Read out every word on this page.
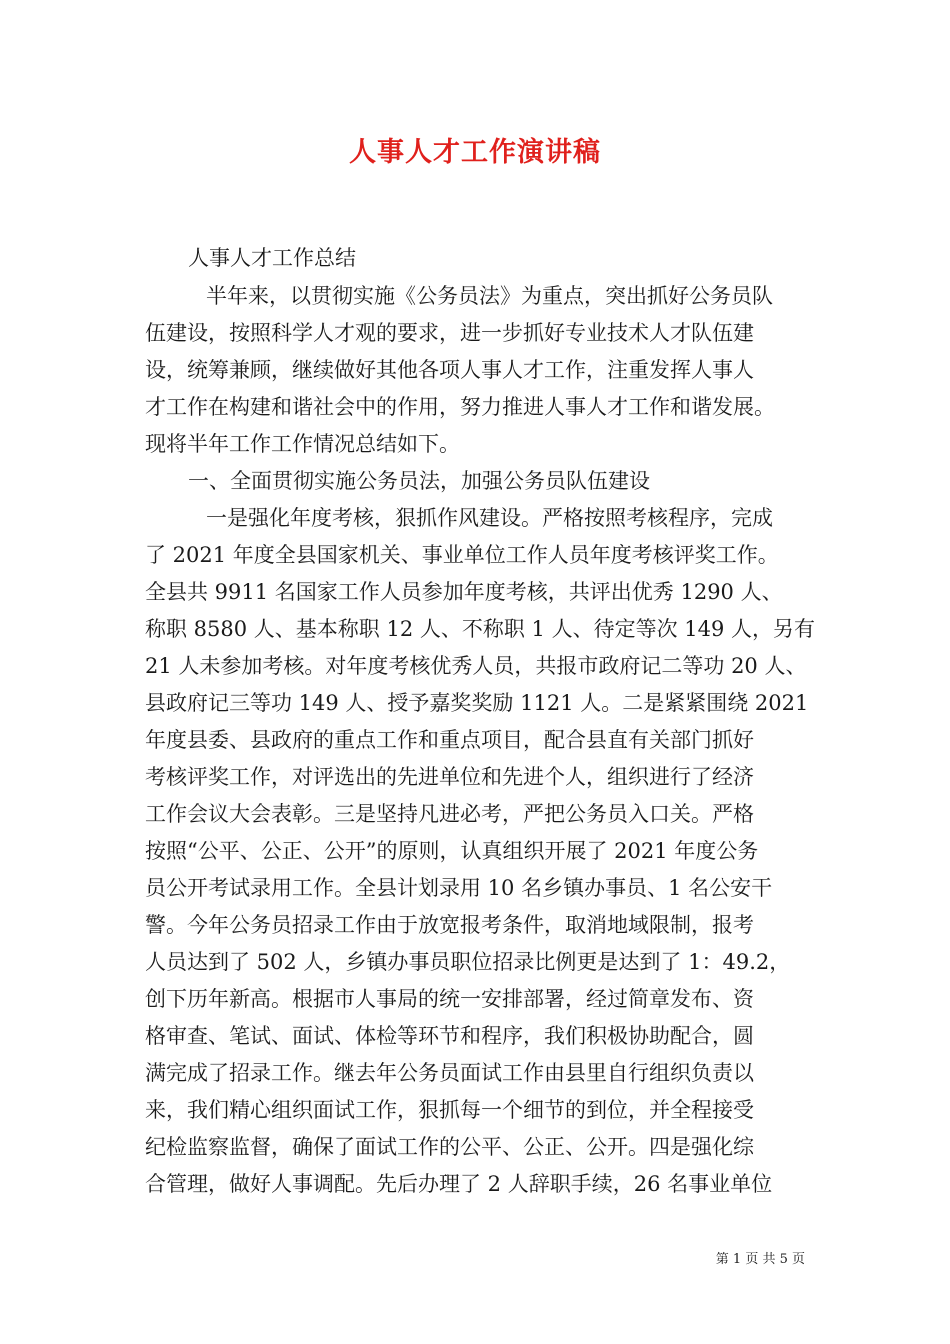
人事人才工作演讲稿
人事人才工作总结
半年来，以贯彻实施《公务员法》为重点，突出抓好公务员队
伍建设，按照科学人才观的要求，进一步抓好专业技术人才队伍建
设，统筹兼顾，继续做好其他各项人事人才工作，注重发挥人事人
才工作在构建和谐社会中的作用，努力推进人事人才工作和谐发展。
现将半年工作工作情况总结如下。
一、全面贯彻实施公务员法，加强公务员队伍建设
一是强化年度考核，狠抓作风建设。严格按照考核程序，完成
了 2021 年度全县国家机关、事业单位工作人员年度考核评奖工作。
全县共 9911 名国家工作人员参加年度考核，共评出优秀 1290 人、
称职 8580 人、基本称职 12 人、不称职 1 人、待定等次 149 人，另有
21 人未参加考核。对年度考核优秀人员，共报市政府记二等功 20 人、
县政府记三等功 149 人、授予嘉奖奖励 1121 人。二是紧紧围绕 2021
年度县委、县政府的重点工作和重点项目，配合县直有关部门抓好
考核评奖工作，对评选出的先进单位和先进个人，组织进行了经济
工作会议大会表彰。三是坚持凡进必考，严把公务员入口关。严格
按照“公平、公正、公开”的原则，认真组织开展了 2021 年度公务
员公开考试录用工作。全县计划录用 10 名乡镇办事员、1 名公安干
警。今年公务员招录工作由于放宽报考条件，取消地域限制，报考
人员达到了 502 人，乡镇办事员职位招录比例更是达到了 1：49.2，
创下历年新高。根据市人事局的统一安排部署，经过简章发布、资
格审查、笔试、面试、体检等环节和程序，我们积极协助配合，圆
满完成了招录工作。继去年公务员面试工作由县里自行组织负责以
来，我们精心组织面试工作，狠抓每一个细节的到位，并全程接受
纪检监察监督，确保了面试工作的公平、公正、公开。四是强化综
合管理，做好人事调配。先后办理了 2 人辞职手续，26 名事业单位
第 1 页 共 5 页
